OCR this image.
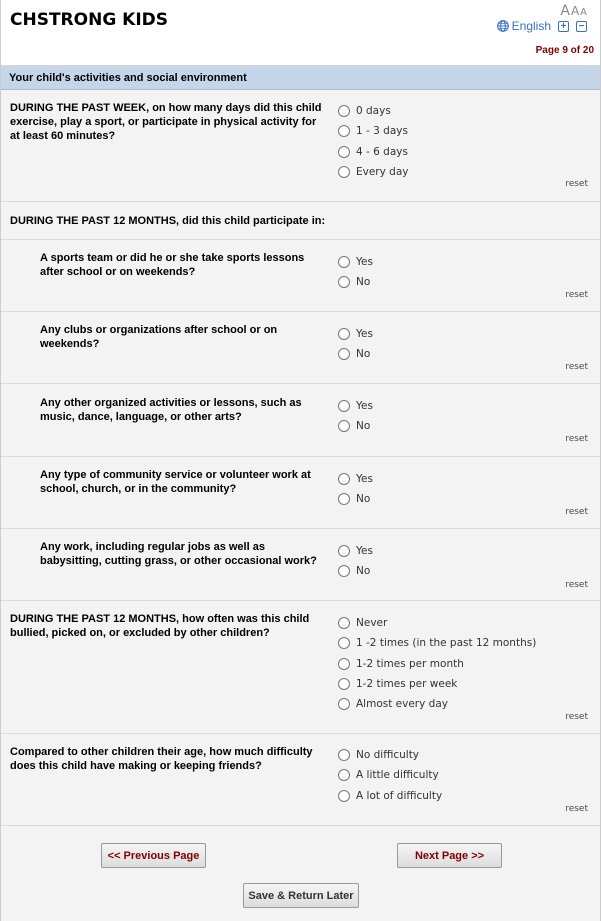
CHSTRONG KIDS	AAA
English + −
Page 9 of 20
Your child's activities and social environment
DURING THE PAST WEEK, on how many days did this child exercise, play a sport, or participate in physical activity for at least 60 minutes?
0 days
1 - 3 days
4 - 6 days
Every day
reset
DURING THE PAST 12 MONTHS, did this child participate in:
A sports team or did he or she take sports lessons after school or on weekends?
Yes
No
reset
Any clubs or organizations after school or on weekends?
Yes
No
reset
Any other organized activities or lessons, such as music, dance, language, or other arts?
Yes
No
reset
Any type of community service or volunteer work at school, church, or in the community?
Yes
No
reset
Any work, including regular jobs as well as babysitting, cutting grass, or other occasional work?
Yes
No
reset
DURING THE PAST 12 MONTHS, how often was this child bullied, picked on, or excluded by other children?
Never
1 -2 times (in the past 12 months)
1-2 times per month
1-2 times per week
Almost every day
reset
Compared to other children their age, how much difficulty does this child have making or keeping friends?
No difficulty
A little difficulty
A lot of difficulty
reset
<< Previous Page	Next Page >>
Save & Return Later
